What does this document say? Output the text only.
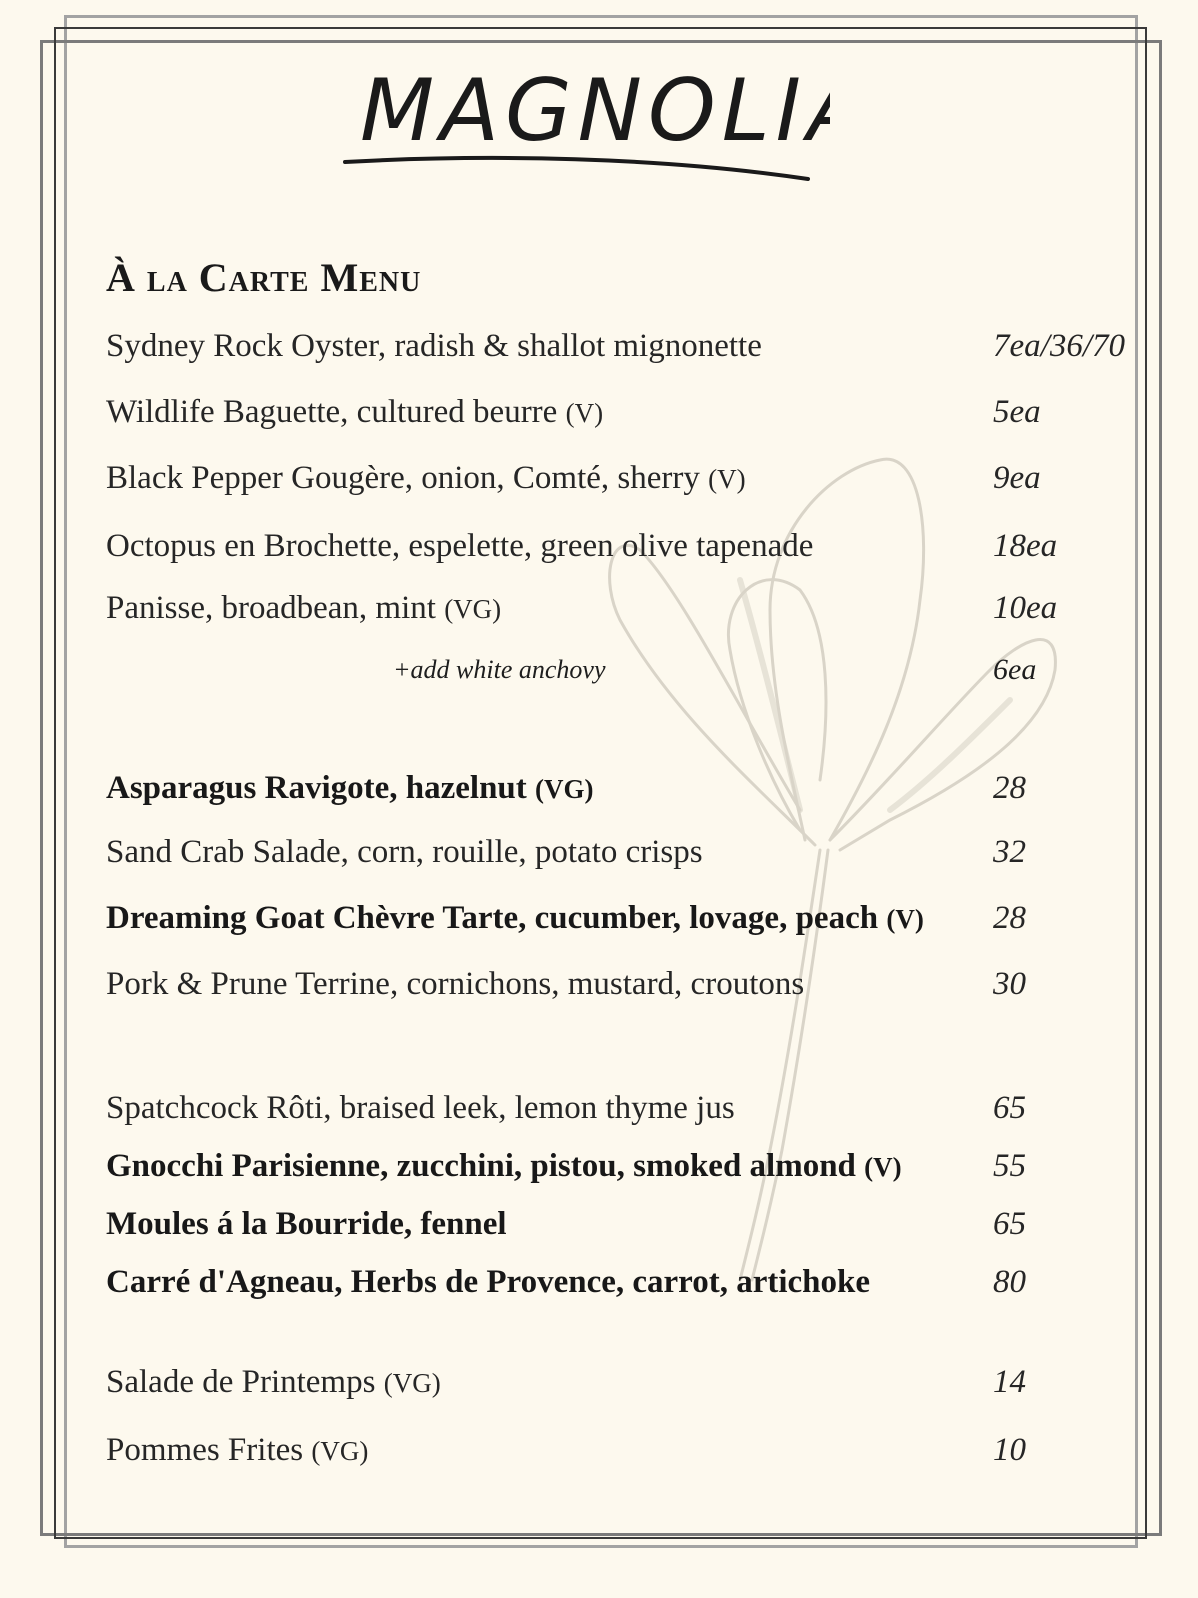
MAGNOLIA
À la Carte Menu
Sydney Rock Oyster, radish & shallot mignonette	7ea/36/70
Wildlife Baguette, cultured beurre (V)	5ea
Black Pepper Gougère, onion, Comté, sherry (V)	9ea
Octopus en Brochette, espelette, green olive tapenade	18ea
Panisse, broadbean, mint (VG)	10ea
+add white anchovy	6ea
Asparagus Ravigote, hazelnut (VG)	28
Sand Crab Salade, corn, rouille, potato crisps	32
Dreaming Goat Chèvre Tarte, cucumber, lovage, peach (V) 28
Pork & Prune Terrine, cornichons, mustard, croutons	30
Spatchcock Rôti, braised leek, lemon thyme jus	65
Gnocchi Parisienne, zucchini, pistou, smoked almond (V)	55
Moules á la Bourride, fennel	65
Carré d'Agneau, Herbs de Provence, carrot, artichoke	80
Salade de Printemps (VG)	14
Pommes Frites (VG)	10
